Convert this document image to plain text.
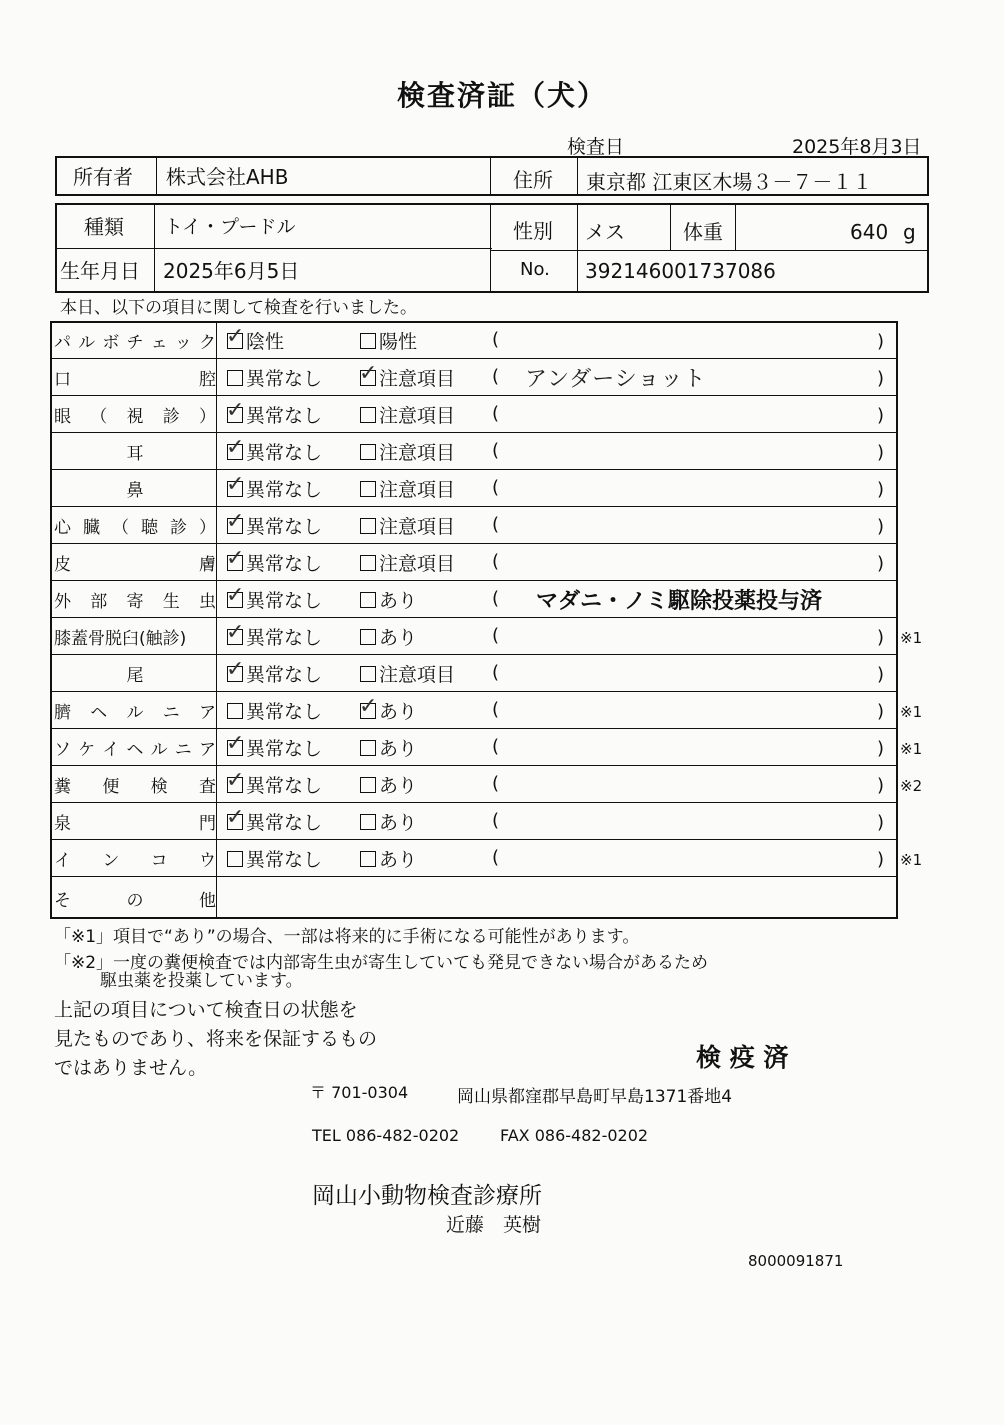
検査済証（犬）
検査日	2025年8月3日
所有者 株式会社AHB	住所 東京都 江東区木場３－７－１１
種類 トイ・プードル	性別 メス	体重	640 g
生年月日 2025年6月5日	No. 392146001737086
本日、以下の項目に関して検査を行いました。
パ ル ボ チ ェ ッ ク ✓ 陰性	陽性	(	)
口	腔	異常なし ✓ 注意項目 ( アンダーショット	)
眼 （ 視 診 ） ✓ 異常なし	注意項目 (	)
耳	✓ 異常なし	注意項目 (	)
鼻	✓ 異常なし	注意項目 (	)
心 臓 （ 聴 診 ） ✓ 異常なし	注意項目 (	)
皮	膚 ✓ 異常なし	注意項目 (	)
外 部 寄 生 虫 ✓ 異常なし	あり	( マダニ・ノミ駆除投薬投与済
膝蓋骨脱臼(触診)	✓ 異常なし	あり	(	) ※1
尾	✓ 異常なし	注意項目 (	)
臍 ヘ ル ニ ア	異常なし ✓ あり	(	) ※1
ソ ケ イ ヘ ル ニ ア ✓ 異常なし	あり	(	) ※1
糞 便 検 査 ✓ 異常なし	あり	(	) ※2
泉	門 ✓ 異常なし	あり	(	)
イ ン コ ウ	異常なし	あり	(	) ※1
そ	の	他
「※1」項目で“あり”の場合、一部は将来的に手術になる可能性があります。
「※2」一度の糞便検査では内部寄生虫が寄生していても発見できない場合があるため
駆虫薬を投薬しています。
上記の項目について検査日の状態を
見たものであり、将来を保証するもの
ではありません。	検 疫 済
〒 701-0304	岡山県都窪郡早島町早島1371番地4
TEL 086-482-0202	FAX 086-482-0202
岡山小動物検査診療所
近藤　英樹
8000091871
